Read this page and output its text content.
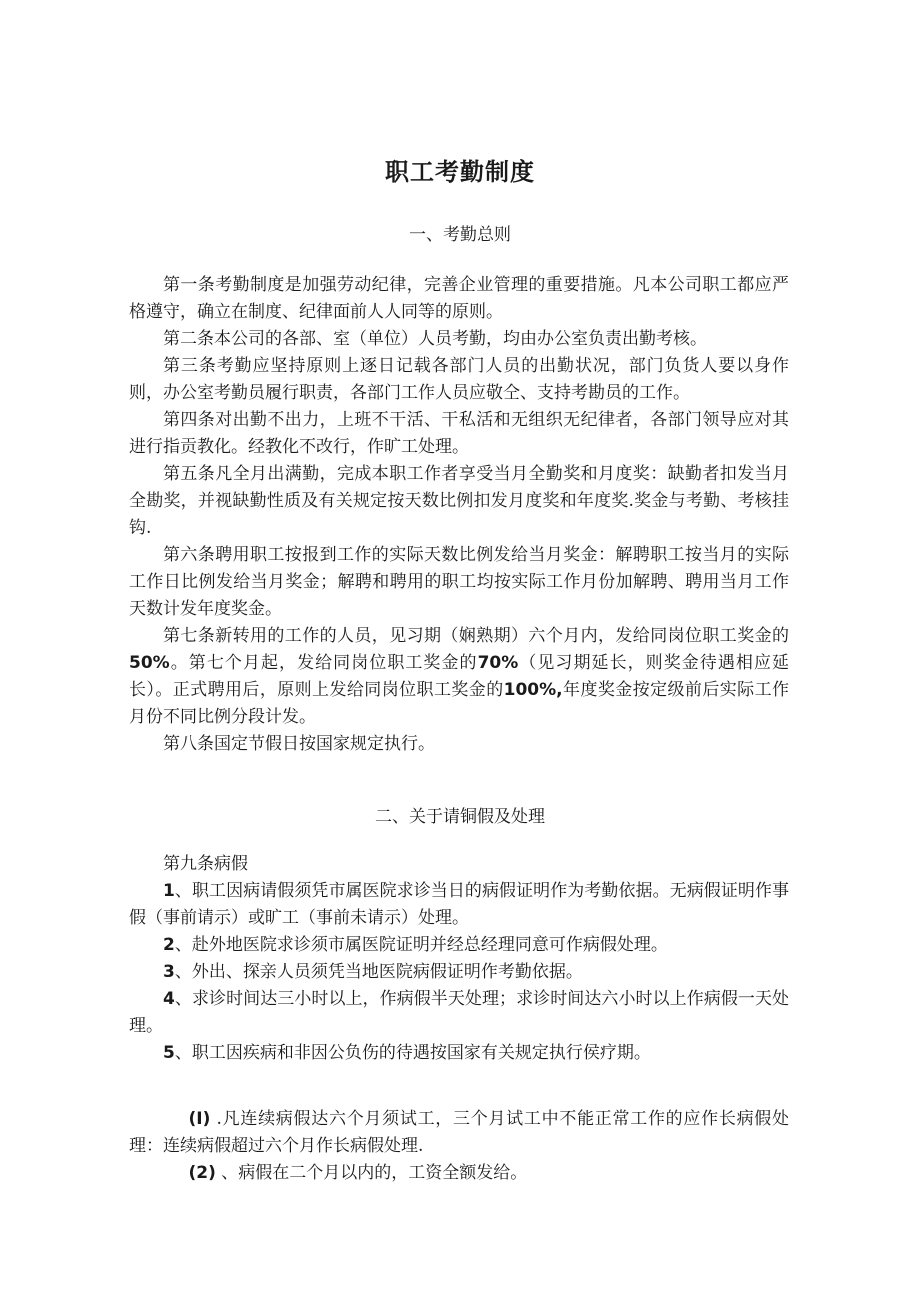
职工考勤制度
一、考勤总则

第一条考勤制度是加强劳动纪律，完善企业管理的重要措施。凡本公司职工都应严格遵守，确立在制度、纪律面前人人同等的原则。

第二条本公司的各部、室（单位）人员考勤，均由办公室负责出勤考核。

第三条考勤应坚持原则上逐日记载各部门人员的出勤状况，部门负货人要以身作则，办公室考勤员履行职责，各部门工作人员应敬仝、支持考勘员的工作。

第四条对出勤不出力，上班不干活、干私活和无组织无纪律者，各部门领导应对其进行指贡教化。经教化不改行，作旷工处理。

第五条凡全月出满勤，完成本职工作者享受当月全勤奖和月度奖：缺勤者扣发当月全勘奖，并视缺勤性质及有关规定按天数比例扣发月度奖和年度奖.奖金与考勤、考核挂钩.

第六条聘用职工按报到工作的实际天数比例发给当月奖金：解聘职工按当月的实际工作日比例发给当月奖金；解聘和聘用的职工均按实际工作月份加解聘、聘用当月工作天数计发年度奖金。

第七条新转用的工作的人员，见习期（娴熟期）六个月内，发给同岗位职工奖金的50%。第七个月起，发给同岗位职工奖金的70%（见习期延长，则奖金待遇相应延长）。正式聘用后，原则上发给同岗位职工奖金的100%,年度奖金按定级前后实际工作月份不同比例分段计发。

第八条国定节假日按国家规定执行。

二、关于请铜假及处理

第九条病假

1、职工因病请假须凭市属医院求诊当日的病假证明作为考勤依据。无病假证明作事假（事前请示）或旷工（事前未请示）处理。

2、赴外地医院求诊须市属医院证明并经总经理同意可作病假处理。

3、外出、探亲人员须凭当地医院病假证明作考勤依据。

4、求诊时间达三小时以上，作病假半天处理；求诊时间达六小时以上作病假一天处理。

5、职工因疾病和非因公负伤的待遇按国家有关规定执行侯疗期。

(I) .凡连续病假达六个月须试工，三个月试工中不能正常工作的应作长病假处理：连续病假超过六个月作长病假处理.

(2) 、病假在二个月以内的，工资全额发给。
